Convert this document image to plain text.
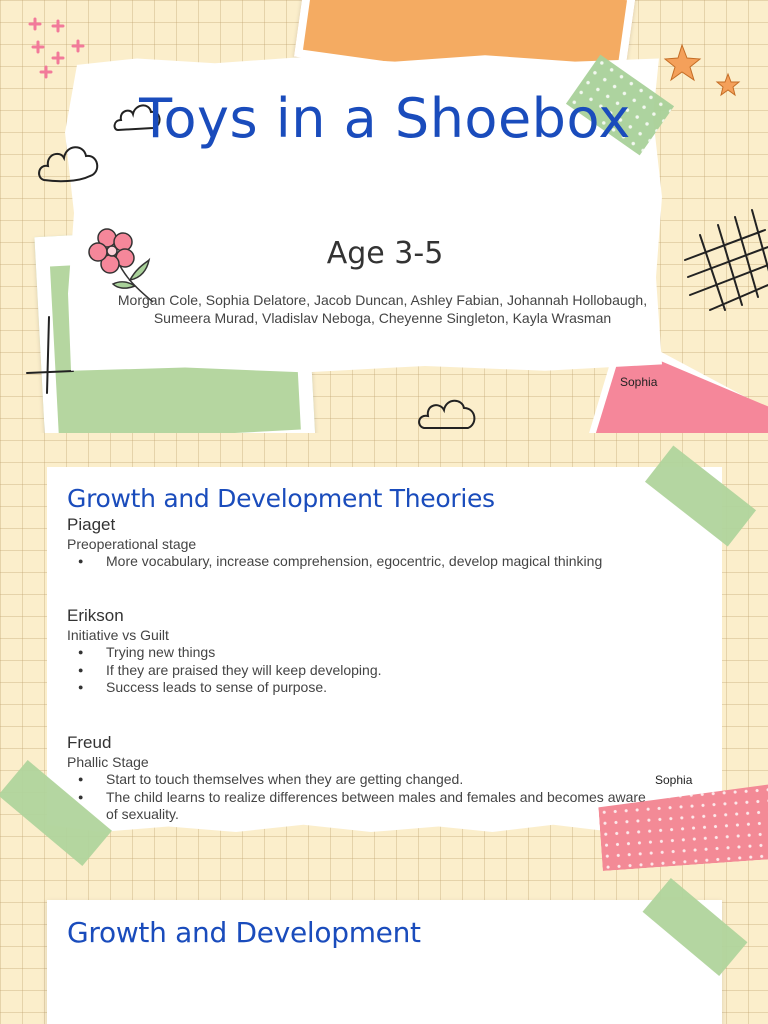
Toys in a Shoebox
Age 3-5
Morgan Cole, Sophia Delatore, Jacob Duncan, Ashley Fabian, Johannah Hollobaugh, Sumeera Murad, Vladislav Neboga, Cheyenne Singleton, Kayla Wrasman
Sophia
Growth and Development Theories
Piaget
Preoperational stage
● More vocabulary, increase comprehension, egocentric, develop magical thinking
Erikson
Initiative vs Guilt
● Trying new things
● If they are praised they will keep developing.
● Success leads to sense of purpose.
Freud
Phallic Stage
● Start to touch themselves when they are getting changed.
● The child learns to realize differences between males and females and becomes aware of sexuality.
Sophia
Growth and Development
